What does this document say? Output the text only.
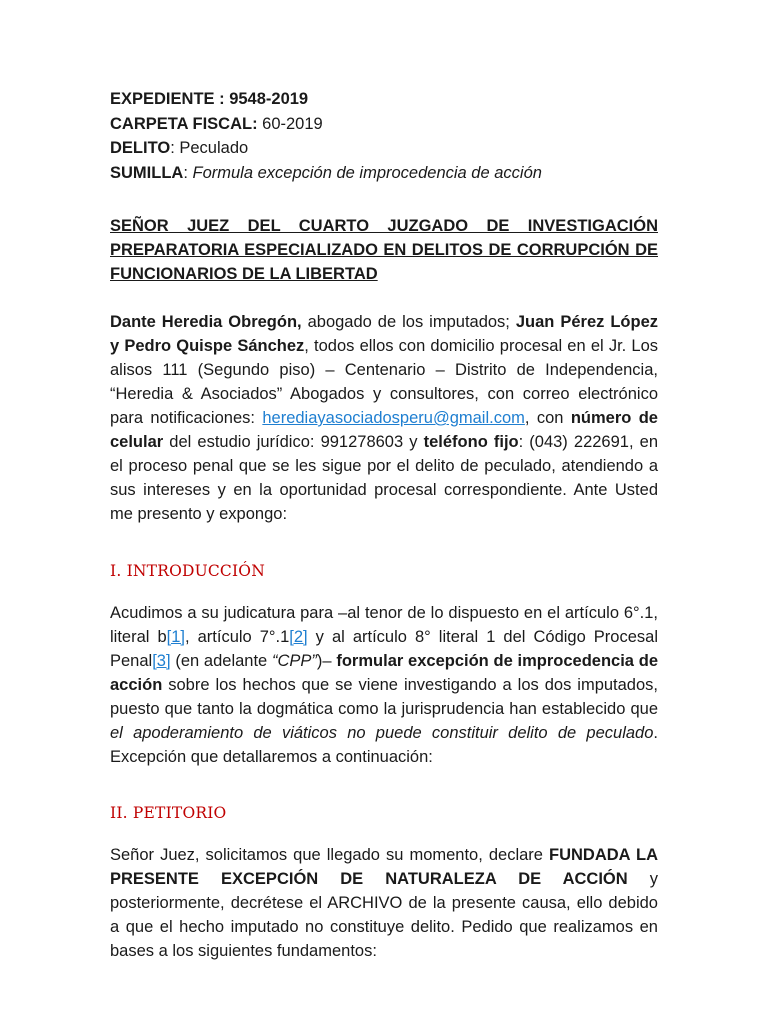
EXPEDIENTE : 9548-2019
CARPETA FISCAL: 60-2019
DELITO: Peculado
SUMILLA: Formula excepción de improcedencia de acción
SEÑOR JUEZ DEL CUARTO JUZGADO DE INVESTIGACIÓN PREPARATORIA ESPECIALIZADO EN DELITOS DE CORRUPCIÓN DE FUNCIONARIOS DE LA LIBERTAD

Dante Heredia Obregón, abogado de los imputados; Juan Pérez López y Pedro Quispe Sánchez, todos ellos con domicilio procesal en el Jr. Los alisos 111 (Segundo piso) – Centenario – Distrito de Independencia, “Heredia & Asociados” Abogados y consultores, con correo electrónico para notificaciones: herediayasociadosperu@gmail.com, con número de celular del estudio jurídico: 991278603 y teléfono fijo: (043) 222691, en el proceso penal que se les sigue por el delito de peculado, atendiendo a sus intereses y en la oportunidad procesal correspondiente. Ante Usted me presento y expongo:

I. INTRODUCCIÓN

Acudimos a su judicatura para –al tenor de lo dispuesto en el artículo 6°.1, literal b[1], artículo 7°.1[2] y al artículo 8° literal 1 del Código Procesal Penal[3] (en adelante “CPP”)– formular excepción de improcedencia de acción sobre los hechos que se viene investigando a los dos imputados, puesto que tanto la dogmática como la jurisprudencia han establecido que el apoderamiento de viáticos no puede constituir delito de peculado. Excepción que detallaremos a continuación:

II. PETITORIO

Señor Juez, solicitamos que llegado su momento, declare FUNDADA LA PRESENTE EXCEPCIÓN DE NATURALEZA DE ACCIÓN y posteriormente, decrétese el ARCHIVO de la presente causa, ello debido a que el hecho imputado no constituye delito. Pedido que realizamos en bases a los siguientes fundamentos:
